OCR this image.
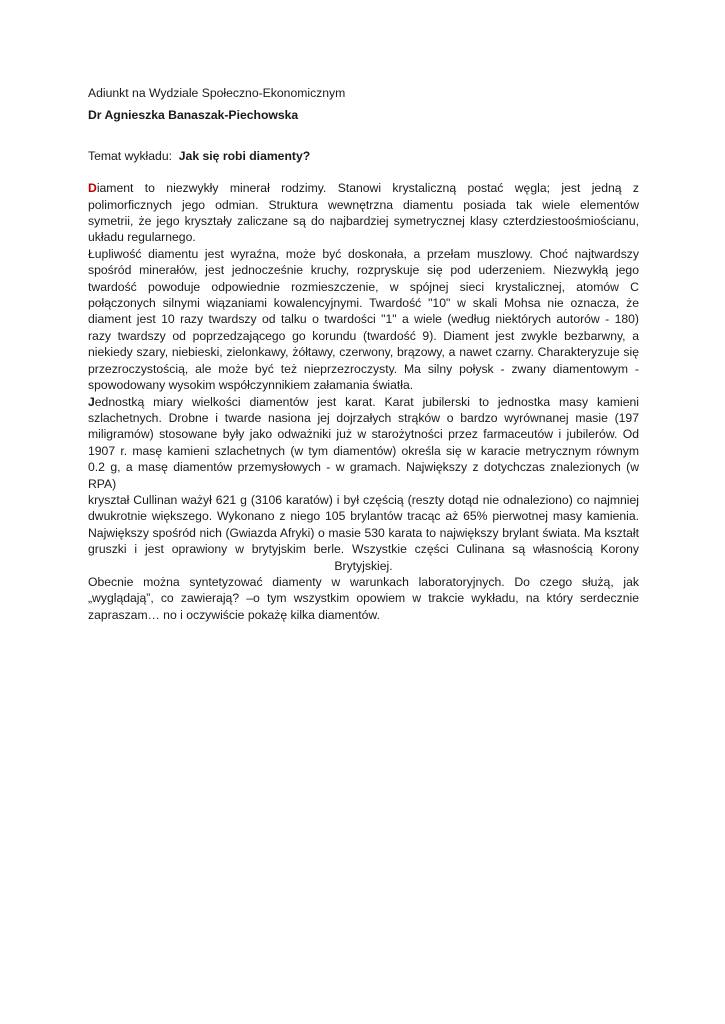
Adiunkt na Wydziale Społeczno-Ekonomicznym

Dr Agnieszka Banaszak-Piechowska

Temat wykładu: Jak się robi diamenty?

Diament to niezwykły minerał rodzimy. Stanowi krystaliczną postać węgla; jest jedną z
polimorficznych jego odmian. Struktura wewnętrzna diamentu posiada tak wiele elementów
symetrii, że jego kryształy zaliczane są do najbardziej symetrycznej klasy czterdziestoośmiościanu,
układu regularnego.
Łupliwość diamentu jest wyraźna, może być doskonała, a przełam muszlowy. Choć najtwardszy
spośród minerałów, jest jednocześnie kruchy, rozpryskuje się pod uderzeniem. Niezwykłą jego
twardość powoduje odpowiednie rozmieszczenie, w spójnej sieci krystalicznej, atomów C
połączonych silnymi wiązaniami kowalencyjnymi. Twardość "10" w skali Mohsa nie oznacza, że
diament jest 10 razy twardszy od talku o twardości "1" a wiele (według niektórych autorów - 180)
razy twardszy od poprzedzającego go korundu (twardość 9). Diament jest zwykle bezbarwny, a
niekiedy szary, niebieski, zielonkawy, żółtawy, czerwony, brązowy, a nawet czarny. Charakteryzuje się
przezroczystością, ale może być też nieprzezroczysty. Ma silny połysk - zwany diamentowym -
spowodowany wysokim współczynnikiem załamania światła.
Jednostką miary wielkości diamentów jest karat. Karat jubilerski to jednostka masy kamieni
szlachetnych. Drobne i twarde nasiona jej dojrzałych strąków o bardzo wyrównanej masie (197
miligramów) stosowane były jako odważniki już w starożytności przez farmaceutów i jubilerów. Od
1907 r. masę kamieni szlachetnych (w tym diamentów) określa się w karacie metrycznym równym
0.2 g, a masę diamentów przemysłowych - w gramach. Największy z dotychczas znalezionych (w RPA)
kryształ Cullinan ważył 621 g (3106 karatów) i był częścią (reszty dotąd nie odnaleziono) co najmniej
dwukrotnie większego. Wykonano z niego 105 brylantów tracąc aż 65% pierwotnej masy kamienia.
Największy spośród nich (Gwiazda Afryki) o masie 530 karata to największy brylant świata. Ma kształt
gruszki i jest oprawiony w brytyjskim berle. Wszystkie części Culinana są własnością Korony
Brytyjskiej.
Obecnie można syntetyzować diamenty w warunkach laboratoryjnych. Do czego służą, jak
„wyglądają”, co zawierają? –o tym wszystkim opowiem w trakcie wykładu, na który serdecznie
zapraszam… no i oczywiście pokażę kilka diamentów.
